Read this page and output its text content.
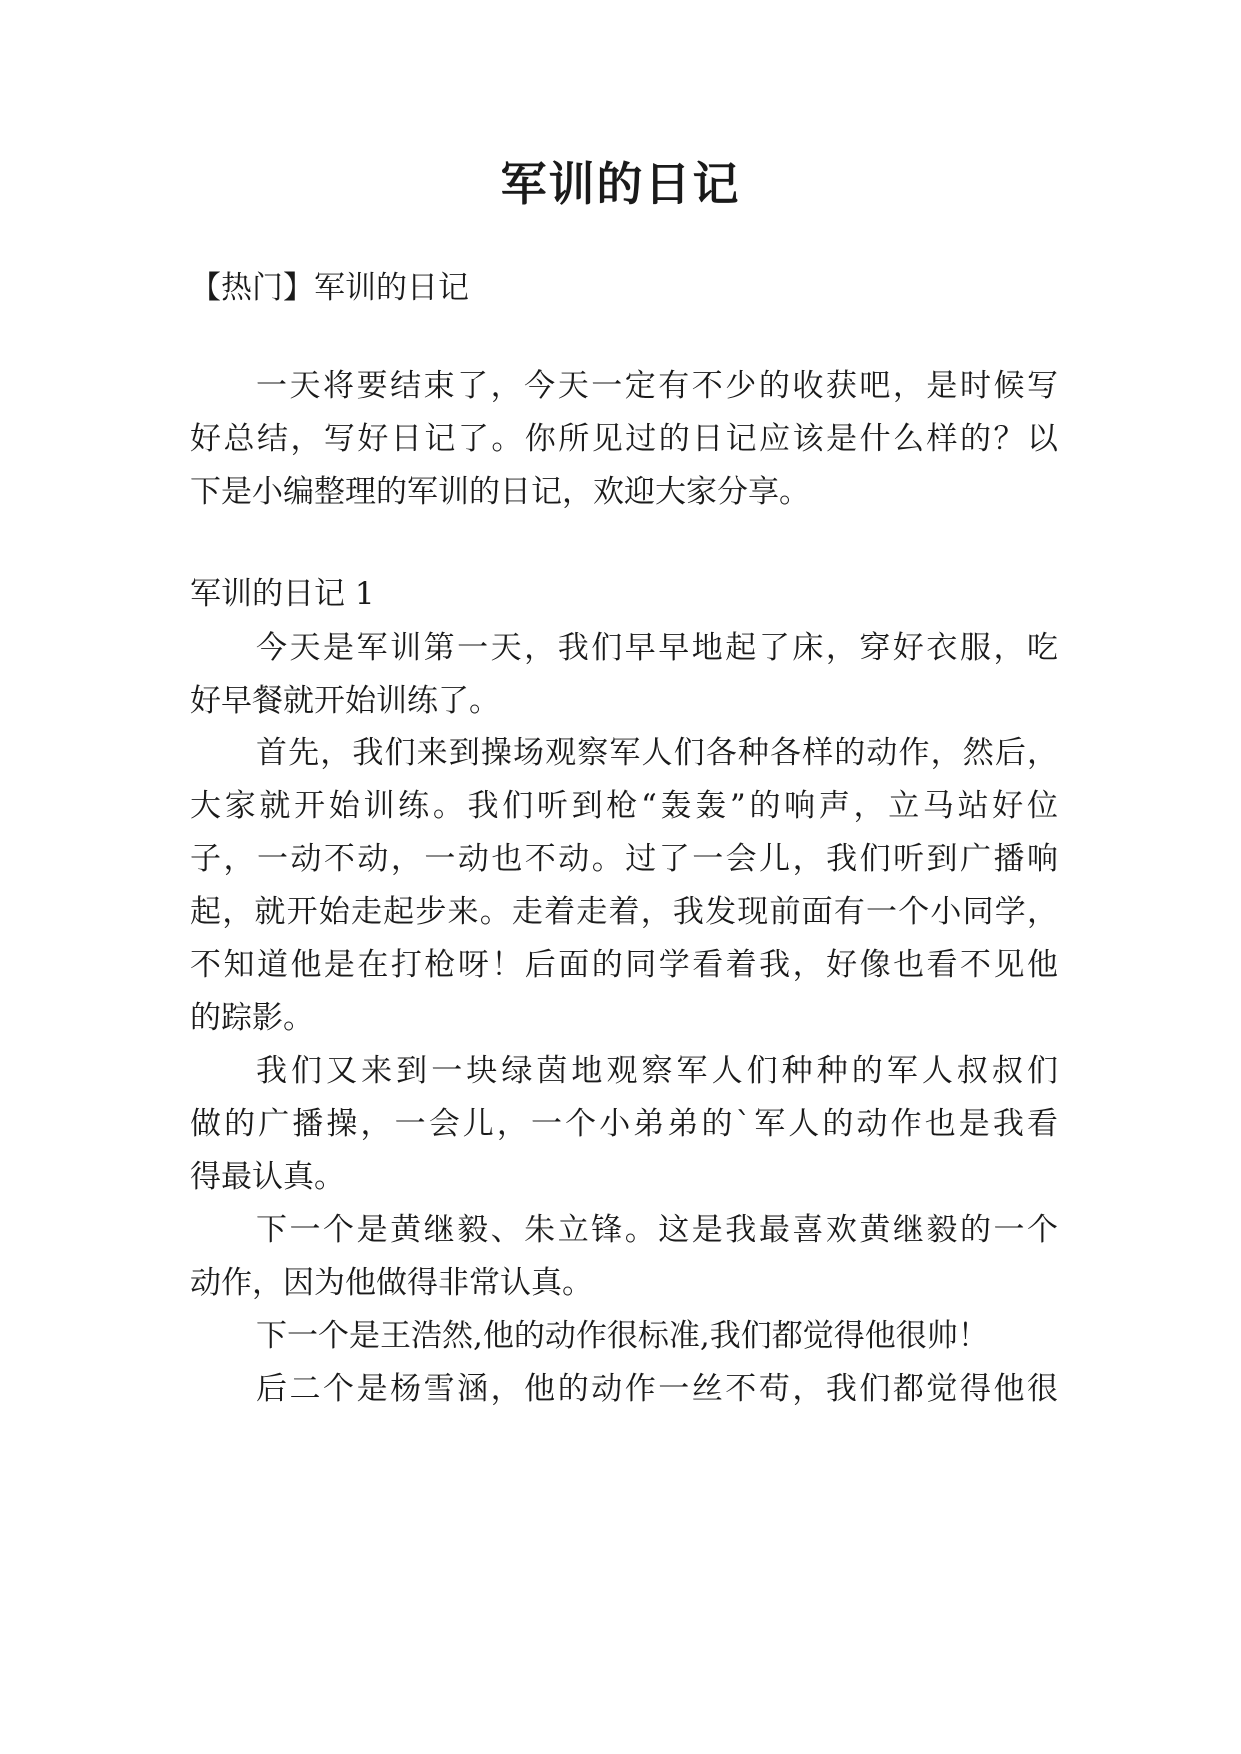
军训的日记

【热门】军训的日记

一天将要结束了，今天一定有不少的收获吧，是时候写

好总结，写好日记了。你所见过的日记应该是什么样的？以

下是小编整理的军训的日记，欢迎大家分享。

军训的日记 1

今天是军训第一天，我们早早地起了床，穿好衣服，吃

好早餐就开始训练了。

首先，我们来到操场观察军人们各种各样的动作，然后，

大家就开始训练。我们听到枪“轰轰”的响声，立马站好位

子，一动不动，一动也不动。过了一会儿，我们听到广播响

起，就开始走起步来。走着走着，我发现前面有一个小同学，

不知道他是在打枪呀！后面的同学看着我，好像也看不见他

的踪影。

我们又来到一块绿茵地观察军人们种种的军人叔叔们

做的广播操，一会儿，一个小弟弟的`军人的动作也是我看

得最认真。

下一个是黄继毅、朱立锋。这是我最喜欢黄继毅的一个

动作，因为他做得非常认真。

下一个是王浩然,他的动作很标准,我们都觉得他很帅！

后二个是杨雪涵，他的动作一丝不苟，我们都觉得他很
